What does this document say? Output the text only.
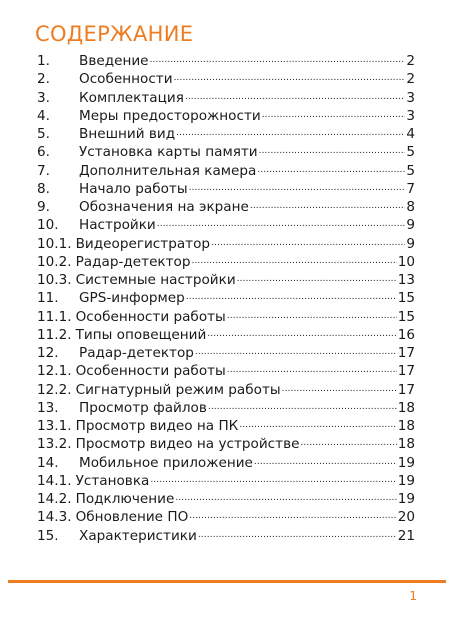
СОДЕРЖАНИЕ
1.	Введение .....	2
2.	Особенности .....	2
3.	Комплектация .....	3
4.	Меры предосторожности .....	3
5.	Внешний вид .....	4
6.	Установка карты памяти .....	5
7.	Дополнительная камера .....	5
8.	Начало работы .....	7
9.	Обозначения на экране .....	8
10.	Настройки .....	9
10.1. Видеорегистратор .....	9
10.2. Радар-детектор .....	10
10.3. Системные настройки .....	13
11.	GPS-информер .....	15
11.1. Особенности работы .....	15
11.2. Типы оповещений .....	16
12.	Радар-детектор .....	17
12.1. Особенности работы .....	17
12.2. Сигнатурный режим работы .....	17
13.	Просмотр файлов .....	18
13.1. Просмотр видео на ПК .....	18
13.2. Просмотр видео на устройстве .....	18
14.	Мобильное приложение .....	19
14.1. Установка .....	19
14.2. Подключение .....	19
14.3. Обновление ПО .....	20
15.	Характеристики .....	21
1
